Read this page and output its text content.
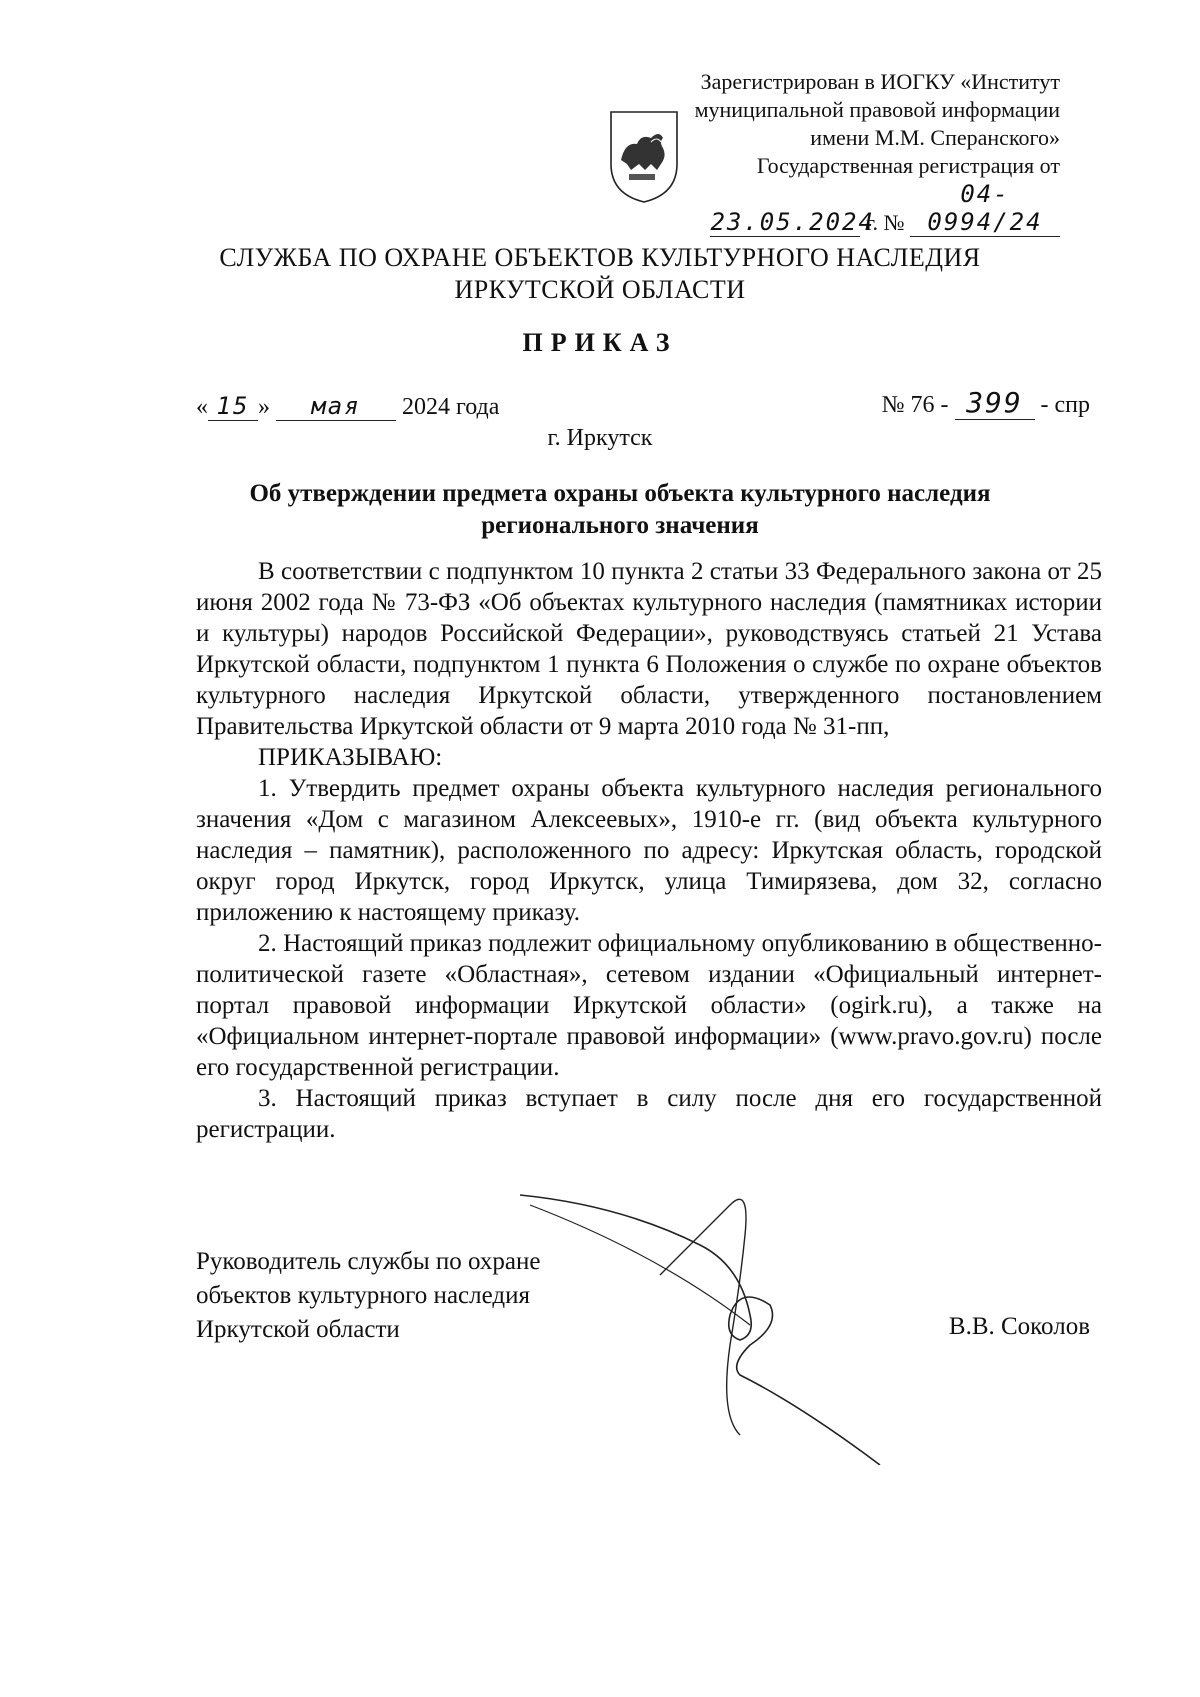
Зарегистрирован в ИОГКУ «Институт
муниципальной правовой информации
имени М.М. Сперанского»
Государственная регистрация от
23.05.2024 г. № 04-0994/24
СЛУЖБА ПО ОХРАНЕ ОБЪЕКТОВ КУЛЬТУРНОГО НАСЛЕДИЯ
ИРКУТСКОЙ ОБЛАСТИ
ПРИКАЗ
« 15 » мая 2024 года	№ 76 - 399 - спр
г. Иркутск
Об утверждении предмета охраны объекта культурного наследия
регионального значения

В соответствии с подпунктом 10 пункта 2 статьи 33 Федерального закона от 25 июня 2002 года № 73-ФЗ «Об объектах культурного наследия (памятниках истории и культуры) народов Российской Федерации», руководствуясь статьей 21 Устава Иркутской области, подпунктом 1 пункта 6 Положения о службе по охране объектов культурного наследия Иркутской области, утвержденного постановлением Правительства Иркутской области от 9 марта 2010 года № 31-пп,

ПРИКАЗЫВАЮ:

1. Утвердить предмет охраны объекта культурного наследия регионального значения «Дом с магазином Алексеевых», 1910-е гг. (вид объекта культурного наследия – памятник), расположенного по адресу: Иркутская область, городской округ город Иркутск, город Иркутск, улица Тимирязева, дом 32, согласно приложению к настоящему приказу.

2. Настоящий приказ подлежит официальному опубликованию в общественно-политической газете «Областная», сетевом издании «Официальный интернет-портал правовой информации Иркутской области» (ogirk.ru), а также на «Официальном интернет-портале правовой информации» (www.pravo.gov.ru) после его государственной регистрации.

3. Настоящий приказ вступает в силу после дня его государственной регистрации.

Руководитель службы по охране
объектов культурного наследия
Иркутской области	В.В. Соколов
